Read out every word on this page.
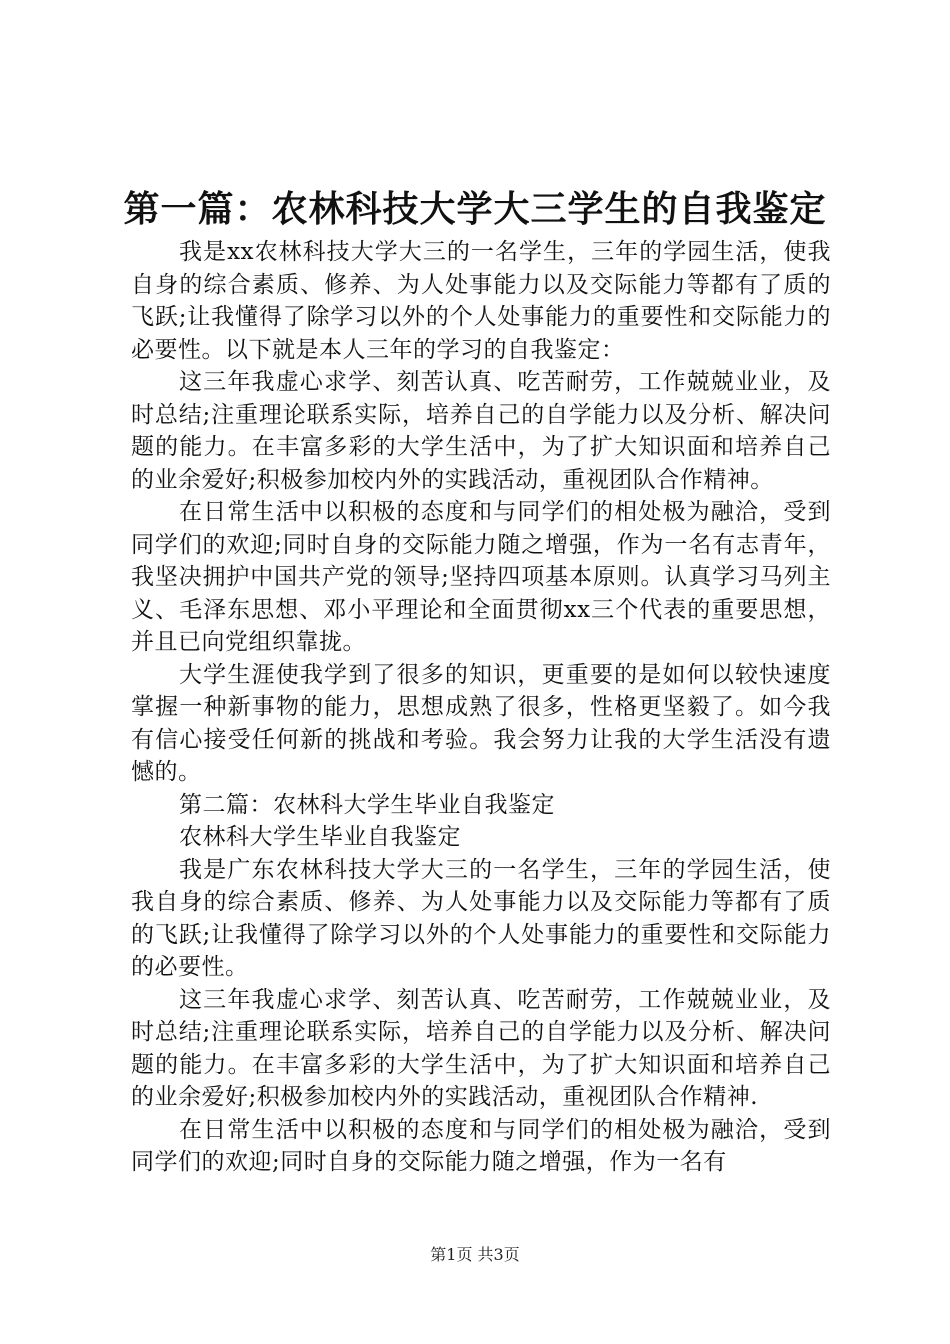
第一篇：农林科技大学大三学生的自我鉴定

我是xx农林科技大学大三的一名学生，三年的学园生活，使我自身的综合素质、修养、为人处事能力以及交际能力等都有了质的飞跃;让我懂得了除学习以外的个人处事能力的重要性和交际能力的必要性。以下就是本人三年的学习的自我鉴定：

这三年我虚心求学、刻苦认真、吃苦耐劳，工作兢兢业业，及时总结;注重理论联系实际，培养自己的自学能力以及分析、解决问题的能力。在丰富多彩的大学生活中，为了扩大知识面和培养自己的业余爱好;积极参加校内外的实践活动，重视团队合作精神。

在日常生活中以积极的态度和与同学们的相处极为融洽，受到同学们的欢迎;同时自身的交际能力随之增强，作为一名有志青年，我坚决拥护中国共产党的领导;坚持四项基本原则。认真学习马列主义、毛泽东思想、邓小平理论和全面贯彻xx三个代表的重要思想，并且已向党组织靠拢。

大学生涯使我学到了很多的知识，更重要的是如何以较快速度掌握一种新事物的能力，思想成熟了很多，性格更坚毅了。如今我有信心接受任何新的挑战和考验。我会努力让我的大学生活没有遗憾的。

第二篇：农林科大学生毕业自我鉴定

农林科大学生毕业自我鉴定

我是广东农林科技大学大三的一名学生，三年的学园生活，使我自身的综合素质、修养、为人处事能力以及交际能力等都有了质的飞跃;让我懂得了除学习以外的个人处事能力的重要性和交际能力的必要性。

这三年我虚心求学、刻苦认真、吃苦耐劳，工作兢兢业业，及时总结;注重理论联系实际，培养自己的自学能力以及分析、解决问题的能力。在丰富多彩的大学生活中，为了扩大知识面和培养自己的业余爱好;积极参加校内外的实践活动，重视团队合作精神.

在日常生活中以积极的态度和与同学们的相处极为融洽，受到同学们的欢迎;同时自身的交际能力随之增强，作为一名有

第1页 共3页
